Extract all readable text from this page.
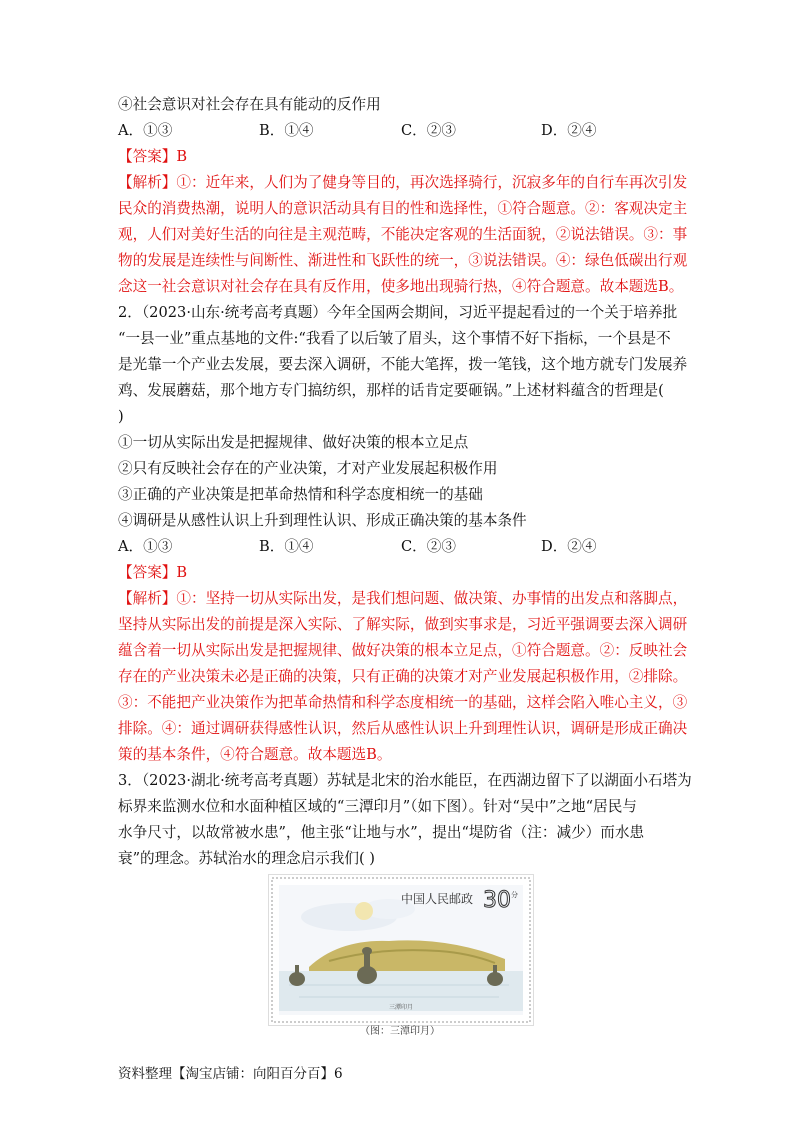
④社会意识对社会存在具有能动的反作用
A．①③	B．①④	C．②③	D．②④
【答案】B
【解析】①：近年来，人们为了健身等目的，再次选择骑行，沉寂多年的自行车再次引发
民众的消费热潮，说明人的意识活动具有目的性和选择性，①符合题意。②：客观决定主
观，人们对美好生活的向往是主观范畴，不能决定客观的生活面貌，②说法错误。③：事
物的发展是连续性与间断性、渐进性和飞跃性的统一，③说法错误。④：绿色低碳出行观
念这一社会意识对社会存在具有反作用，使多地出现骑行热，④符合题意。故本题选B。
2．（2023·山东·统考高考真题）今年全国两会期间，习近平提起看过的一个关于培养批
“一县一业”重点基地的文件:“我看了以后皱了眉头，这个事情不好下指标，一个县是不
是光靠一个产业去发展，要去深入调研，不能大笔挥，拨一笔钱，这个地方就专门发展养
鸡、发展蘑菇，那个地方专门搞纺织，那样的话肯定要砸锅。”上述材料蕴含的哲理是(
)
①一切从实际出发是把握规律、做好决策的根本立足点
②只有反映社会存在的产业决策，才对产业发展起积极作用
③正确的产业决策是把革命热情和科学态度相统一的基础
④调研是从感性认识上升到理性认识、形成正确决策的基本条件
A．①③	B．①④	C．②③	D．②④
【答案】B
【解析】①：坚持一切从实际出发，是我们想问题、做决策、办事情的出发点和落脚点，
坚持从实际出发的前提是深入实际、了解实际，做到实事求是，习近平强调要去深入调研
蕴含着一切从实际出发是把握规律、做好决策的根本立足点，①符合题意。②：反映社会
存在的产业决策未必是正确的决策，只有正确的决策才对产业发展起积极作用，②排除。
③：不能把产业决策作为把革命热情和科学态度相统一的基础，这样会陷入唯心主义，③
排除。④：通过调研获得感性认识，然后从感性认识上升到理性认识，调研是形成正确决
策的基本条件，④符合题意。故本题选B。
3．（2023·湖北·统考高考真题）苏轼是北宋的治水能臣，在西湖边留下了以湖面小石塔为
标界来监测水位和水面种植区域的“三潭印月”（如下图）。针对“吴中”之地“居民与
水争尺寸，以故常被水患”，他主张“让地与水”，提出“堤防省（注：减少）而水患
衰”的理念。苏轼治水的理念启示我们( )
中国人民邮政 30 分
三潭印月
（图：三潭印月）
资料整理【淘宝店铺：向阳百分百】6
